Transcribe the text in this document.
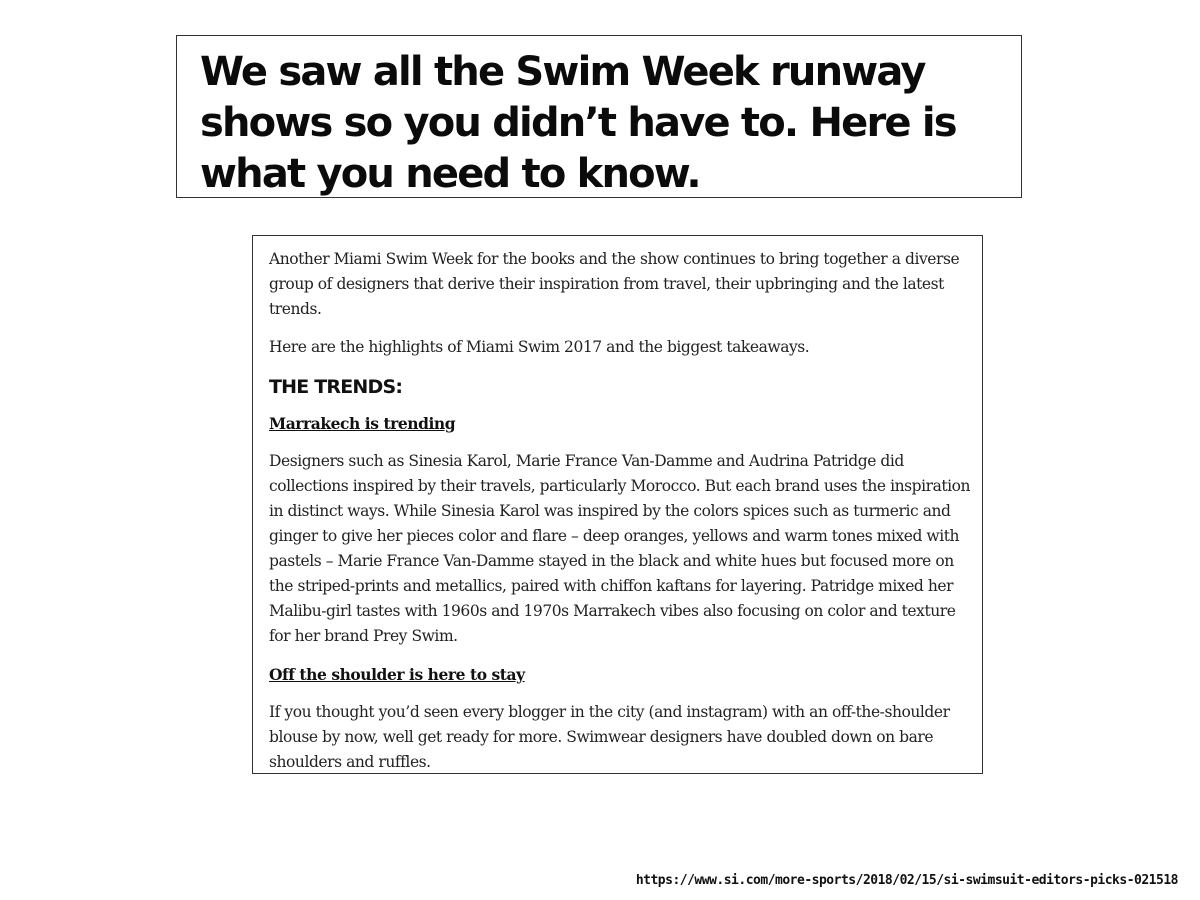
We saw all the Swim Week runway shows so you didn’t have to. Here is what you need to know.

Another Miami Swim Week for the books and the show continues to bring together a diverse group of designers that derive their inspiration from travel, their upbringing and the latest trends.

Here are the highlights of Miami Swim 2017 and the biggest takeaways.

THE TRENDS:
Marrakech is trending

Designers such as Sinesia Karol, Marie France Van-Damme and Audrina Patridge did collections inspired by their travels, particularly Morocco. But each brand uses the inspiration in distinct ways. While Sinesia Karol was inspired by the colors spices such as turmeric and ginger to give her pieces color and flare – deep oranges, yellows and warm tones mixed with pastels – Marie France Van-Damme stayed in the black and white hues but focused more on the striped-prints and metallics, paired with chiffon kaftans for layering. Patridge mixed her Malibu-girl tastes with 1960s and 1970s Marrakech vibes also focusing on color and texture for her brand Prey Swim.

Off the shoulder is here to stay

If you thought you’d seen every blogger in the city (and instagram) with an off-the-shoulder blouse by now, well get ready for more. Swimwear designers have doubled down on bare shoulders and ruffles.

https://www.si.com/more-sports/2018/02/15/si-swimsuit-editors-picks-021518
